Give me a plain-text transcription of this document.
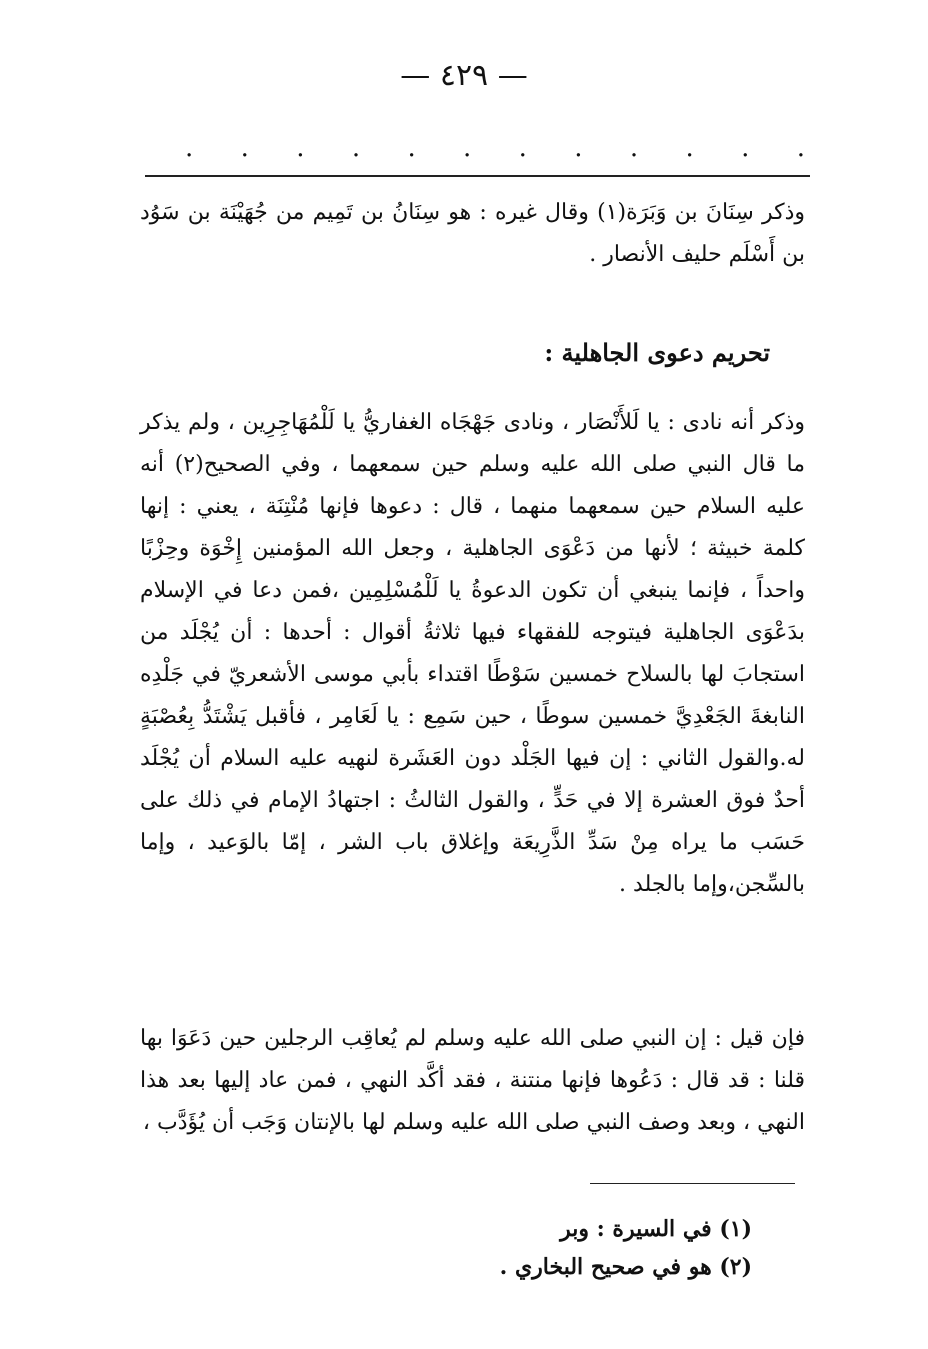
— ٤٢٩ —
. . . . . . . . . . . .

وذكر سِنَانَ بن وَبَرَة(١) وقال غيره : هو سِنَانُ بن تَمِيم من جُهَيْنَة بن سَوُد بن أَسْلَم حليف الأنصار .

تحريم دعوى الجاهلية :

وذكر أنه نادى : يا لَلأَنْصَار ، ونادى جَهْجَاه الغفاريُّ يا لَلْمُهَاجِرِين ، ولم يذكر ما قال النبي صلى الله عليه وسلم حين سمعهما ، وفي الصحيح(٢) أنه عليه السلام حين سمعهما منهما ، قال : دعوها فإنها مُنْتِنَة ، يعني : إنها كلمة خبيثة ؛ لأنها من دَعْوَى الجاهلية ، وجعل الله المؤمنين إِخْوَة وحِزْبًا واحداً ، فإنما ينبغي أن تكون الدعوةُ يا لَلْمُسْلِمِين ،فمن دعا في الإسلام بدَعْوَى الجاهلية فيتوجه للفقهاء فيها ثلاثةُ أقوال : أحدها : أن يُجْلَد من استجابَ لها بالسلاح خمسين سَوْطًا اقتداء بأبي موسى الأشعريّ في جَلْدِه النابغةَ الجَعْدِيَّ خمسين سوطًا ، حين سَمِع : يا لَعَامِر ، فأقبل يَشْتَدُّ بِعُصْبَةٍ له.والقول الثاني : إن فيها الجَلْد دون العَشَرة لنهيه عليه السلام أن يُجْلَد أحدٌ فوق العشرة إلا في حَدٍّ ، والقول الثالثُ : اجتهادُ الإمام في ذلك على حَسَب ما يراه مِنْ سَدِّ الذَّرِيعَة وإغلاق باب الشر ، إمّا بالوَعيد ، وإما بالسِّجن،وإما بالجلد .

فإن قيل : إن النبي صلى الله عليه وسلم لم يُعاقِب الرجلين حين دَعَوَا بها قلنا : قد قال : دَعُوها فإنها منتنة ، فقد أكَّد النهي ، فمن عاد إليها بعد هذا النهي ، وبعد وصف النبي صلى الله عليه وسلم لها بالإنتان وَجَب أن يُؤَدَّب ،

(١) في السيرة : وبر
(٢) هو في صحيح البخاري .
